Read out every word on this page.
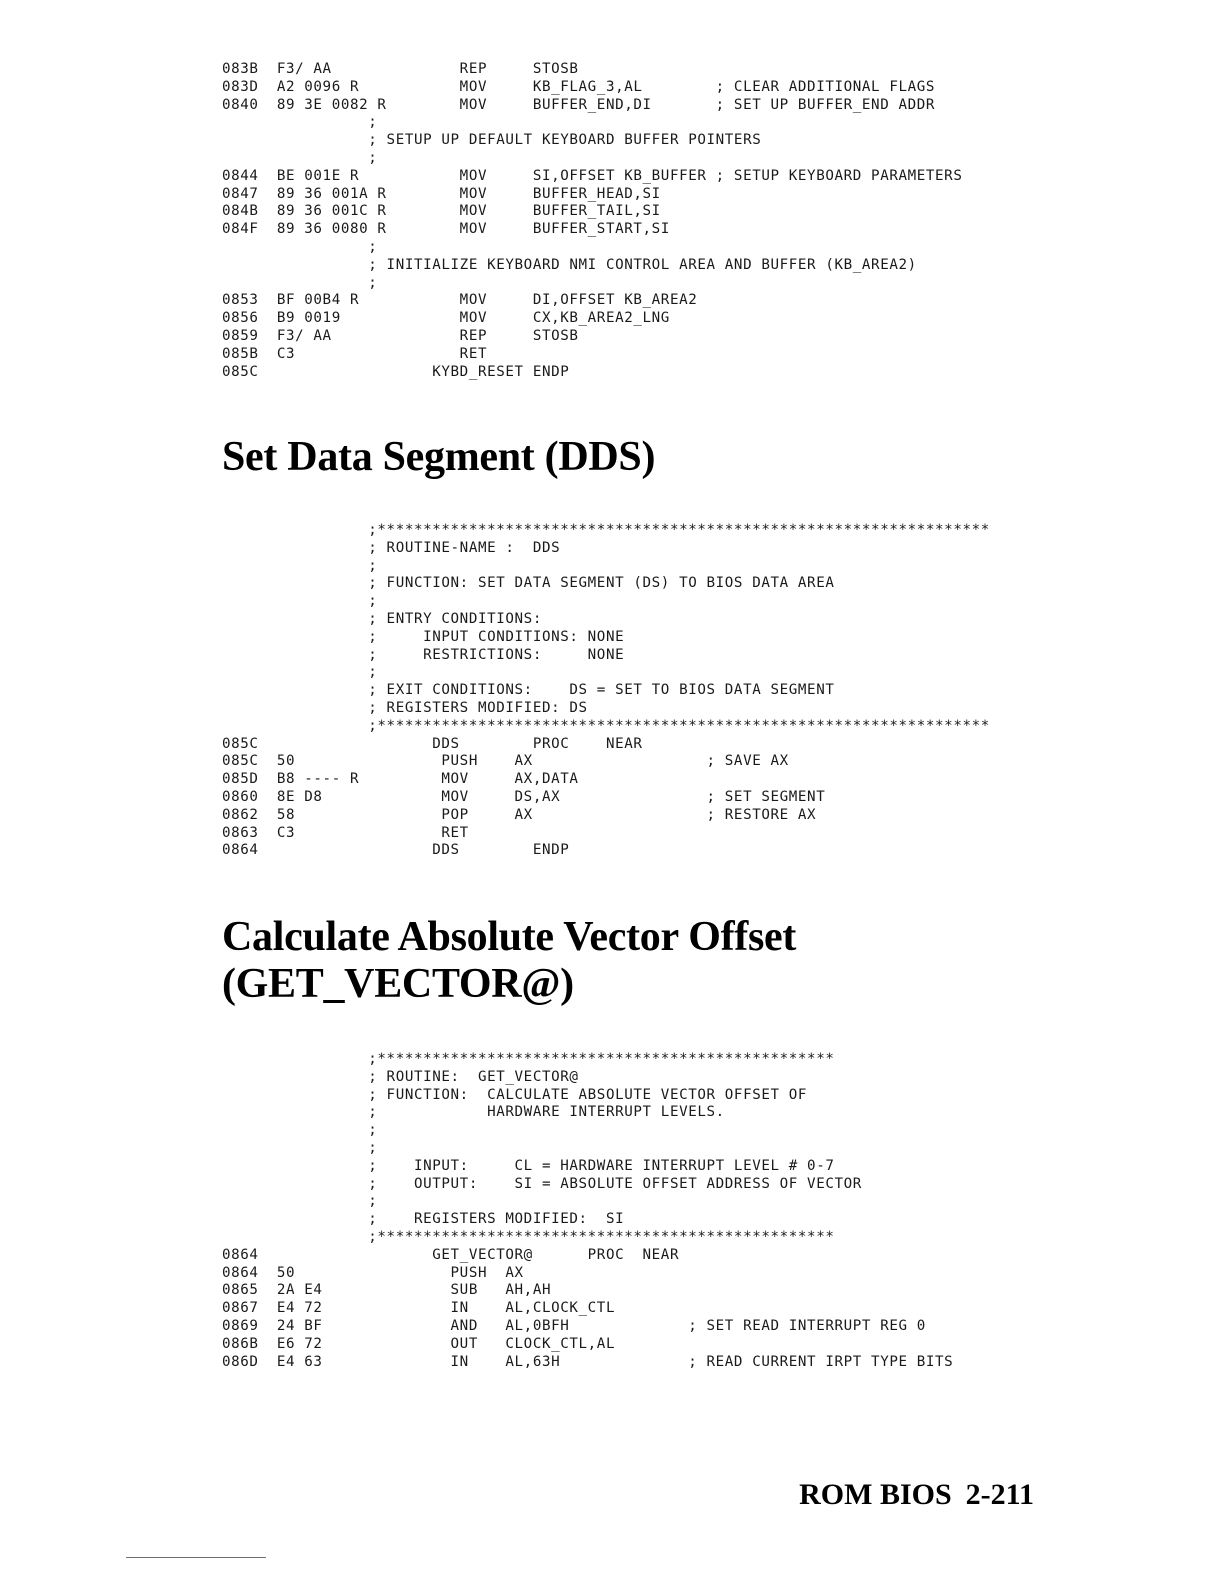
083B  F3/ AA              REP     STOSB
083D  A2 0096 R           MOV     KB_FLAG_3,AL        ; CLEAR ADDITIONAL FLAGS
0840  89 3E 0082 R        MOV     BUFFER_END,DI       ; SET UP BUFFER_END ADDR
;
; SETUP UP DEFAULT KEYBOARD BUFFER POINTERS
;
0844  BE 001E R           MOV     SI,OFFSET KB_BUFFER ; SETUP KEYBOARD PARAMETERS
0847  89 36 001A R        MOV     BUFFER_HEAD,SI
084B  89 36 001C R        MOV     BUFFER_TAIL,SI
084F  89 36 0080 R        MOV     BUFFER_START,SI
;
; INITIALIZE KEYBOARD NMI CONTROL AREA AND BUFFER (KB_AREA2)
;
0853  BF 00B4 R           MOV     DI,OFFSET KB_AREA2
0856  B9 0019             MOV     CX,KB_AREA2_LNG
0859  F3/ AA              REP     STOSB
085B  C3                  RET
085C                   KYBD_RESET ENDP
Set Data Segment (DDS)
;*******************************************************************
; ROUTINE-NAME :  DDS
;
; FUNCTION: SET DATA SEGMENT (DS) TO BIOS DATA AREA
;
; ENTRY CONDITIONS:
;     INPUT CONDITIONS: NONE
;     RESTRICTIONS:     NONE
;
; EXIT CONDITIONS:    DS = SET TO BIOS DATA SEGMENT
; REGISTERS MODIFIED: DS
;*******************************************************************
085C                   DDS        PROC    NEAR
085C  50                PUSH    AX                   ; SAVE AX
085D  B8 ---- R         MOV     AX,DATA
0860  8E D8             MOV     DS,AX                ; SET SEGMENT
0862  58                POP     AX                   ; RESTORE AX
0863  C3                RET
0864                   DDS        ENDP
Calculate Absolute Vector Offset
(GET_VECTOR@)
;**************************************************
; ROUTINE:  GET_VECTOR@
; FUNCTION:  CALCULATE ABSOLUTE VECTOR OFFSET OF
;            HARDWARE INTERRUPT LEVELS.
;
;
;    INPUT:     CL = HARDWARE INTERRUPT LEVEL # 0-7
;    OUTPUT:    SI = ABSOLUTE OFFSET ADDRESS OF VECTOR
;
;    REGISTERS MODIFIED:  SI
;**************************************************
0864                   GET_VECTOR@      PROC  NEAR
0864  50                 PUSH  AX
0865  2A E4              SUB   AH,AH
0867  E4 72              IN    AL,CLOCK_CTL
0869  24 BF              AND   AL,0BFH             ; SET READ INTERRUPT REG 0
086B  E6 72              OUT   CLOCK_CTL,AL
086D  E4 63              IN    AL,63H              ; READ CURRENT IRPT TYPE BITS
ROM BIOS 2-211
